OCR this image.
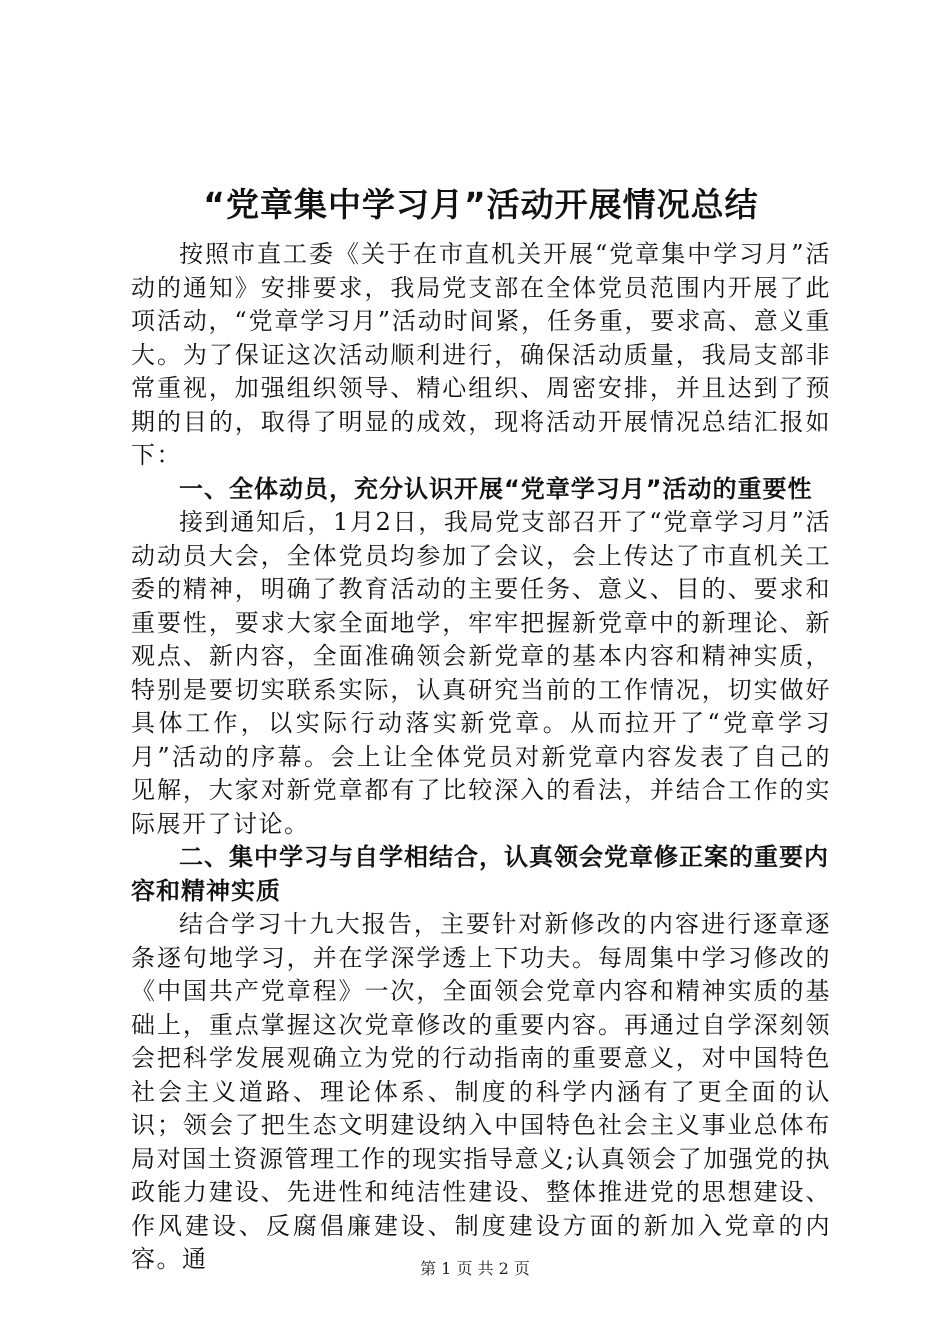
“党章集中学习月”活动开展情况总结

按照市直工委《关于在市直机关开展“党章集中学习月”活动的通知》安排要求，我局党支部在全体党员范围内开展了此项活动，“党章学习月”活动时间紧，任务重，要求高、意义重大。为了保证这次活动顺利进行，确保活动质量，我局支部非常重视，加强组织领导、精心组织、周密安排，并且达到了预期的目的，取得了明显的成效，现将活动开展情况总结汇报如下：

一、全体动员，充分认识开展“党章学习月”活动的重要性

接到通知后，1月2日，我局党支部召开了“党章学习月”活动动员大会，全体党员均参加了会议，会上传达了市直机关工委的精神，明确了教育活动的主要任务、意义、目的、要求和重要性，要求大家全面地学，牢牢把握新党章中的新理论、新观点、新内容，全面准确领会新党章的基本内容和精神实质，特别是要切实联系实际，认真研究当前的工作情况，切实做好具体工作，以实际行动落实新党章。从而拉开了“党章学习月”活动的序幕。会上让全体党员对新党章内容发表了自己的见解，大家对新党章都有了比较深入的看法，并结合工作的实际展开了讨论。

二、集中学习与自学相结合，认真领会党章修正案的重要内容和精神实质

结合学习十九大报告，主要针对新修改的内容进行逐章逐条逐句地学习，并在学深学透上下功夫。每周集中学习修改的《中国共产党章程》一次，全面领会党章内容和精神实质的基础上，重点掌握这次党章修改的重要内容。再通过自学深刻领会把科学发展观确立为党的行动指南的重要意义，对中国特色社会主义道路、理论体系、制度的科学内涵有了更全面的认识；领会了把生态文明建设纳入中国特色社会主义事业总体布局对国土资源管理工作的现实指导意义;认真领会了加强党的执政能力建设、先进性和纯洁性建设、整体推进党的思想建设、作风建设、反腐倡廉建设、制度建设方面的新加入党章的内容。通	第 1 页 共 2 页
